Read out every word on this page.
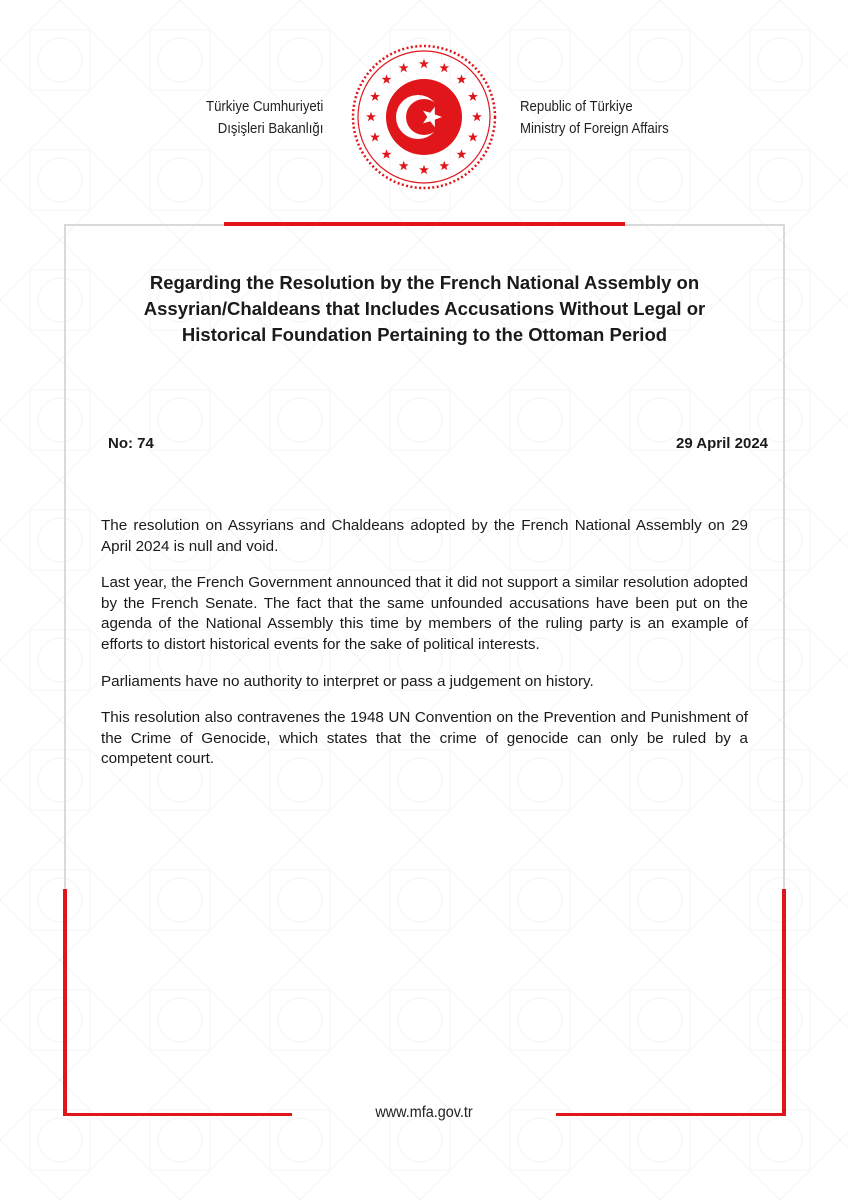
Türkiye Cumhuriyeti
Dışişleri Bakanlığı
Republic of Türkiye
Ministry of Foreign Affairs
Regarding the Resolution by the French National Assembly on
Assyrian/Chaldeans that Includes Accusations Without Legal or
Historical Foundation Pertaining to the Ottoman Period
No: 74	29 April 2024

The resolution on Assyrians and Chaldeans adopted by the French National Assembly on 29 April 2024 is null and void.

Last year, the French Government announced that it did not support a similar resolution adopted by the French Senate. The fact that the same unfounded accusations have been put on the agenda of the National Assembly this time by members of the ruling party is an example of efforts to distort historical events for the sake of political interests.

Parliaments have no authority to interpret or pass a judgement on history.

This resolution also contravenes the 1948 UN Convention on the Prevention and Punishment of the Crime of Genocide, which states that the crime of genocide can only be ruled by a competent court.

www.mfa.gov.tr
